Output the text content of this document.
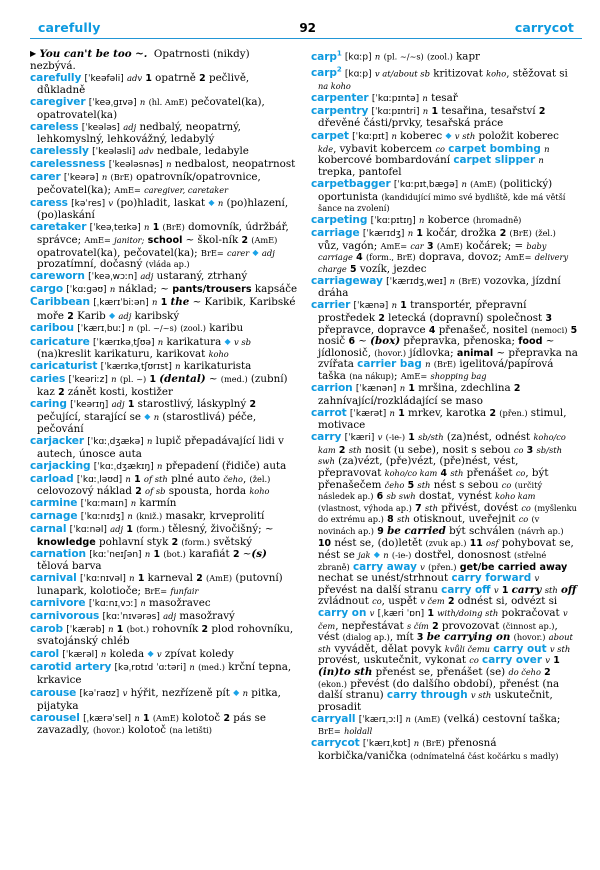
carefully	92	carrycot

▶ You can't be too ~.  Opatrnosti (nikdy) nezbývá.

carefully [ˈkeəfəli] adv 1 opatrně 2 pečlivě, důkladně

caregiver [ˈkeəˌgɪvə] n (hl. AmE) pečovatel(ka), opatrovatel(ka)

careless [ˈkeələs] adj nedbalý, neopatrný, lehkomyslný, lehkovážný, ledabylý

carelessly [ˈkeələsli] adv nedbale, ledabyle

carelessness [ˈkeələsnəs] n nedbalost, neopatrnost

carer [ˈkeərə] n (BrE) opatrovník/opatrovnice, pečovatel(ka); AmE= caregiver, caretaker

caress [kəˈres] v (po)hladit, laskat ◆ n (po)hlazení, (po)laskání

caretaker [ˈkeəˌteɪkə] n 1 (BrE) domovník, údržbář, správce; AmE= janitor; school ~ škol-ník 2 (AmE) opatrovatel(ka), pečovatel(ka); BrE= carer ◆ adj prozatímní, dočasný (vláda ap.)

careworn [ˈkeəˌwɔːn] adj ustaraný, ztrhaný

cargo [ˈkɑːgəʊ] n náklad; ~ pants/trousers kapsáče

Caribbean [ˌkærɪˈbiːən] n 1 the ~ Karibik, Karibské moře 2 Karib ◆ adj karibský

caribou [ˈkærɪˌbuː] n (pl. ~/~s) (zool.) karibu

caricature [ˈkærɪkəˌtʃʊə] n karikatura ◆ v sb (na)kreslit karikaturu, karikovat koho

caricaturist [ˈkærɪkəˌtʃʊrɪst] n karikaturista

caries [ˈkeəriːz] n (pl. ~) 1 (dental) ~ (med.) (zubní) kaz 2 zánět kosti, kostižer

caring [ˈkeərɪŋ] adj 1 starostlivý, láskyplný 2 pečující, starající se ◆ n (starostlivá) péče, pečování

carjacker [ˈkɑːˌdʒækə] n lupič přepadávající lidi v autech, únosce auta

carjacking [ˈkɑːˌdʒækɪŋ] n přepadení (řidiče) auta

carload [ˈkɑːˌləʊd] n 1 of sth plné auto čeho, (žel.) celovozový náklad 2 of sb spousta, horda koho

carmine [ˈkɑːmaɪn] n karmín

carnage [ˈkɑːnɪdʒ] n (kniž.) masakr, krveprolití

carnal [ˈkɑːnəl] adj 1 (form.) tělesný, živočišný; ~ knowledge pohlavní styk 2 (form.) světský

carnation [kɑːˈneɪʃən] n 1 (bot.) karafiát 2 ~(s) tělová barva

carnival [ˈkɑːnɪvəl] n 1 karneval 2 (AmE) (putovní) lunapark, kolotioče; BrE= funfair

carnivore [ˈkɑːnɪˌvɔː] n masožravec

carnivorous [kɑːˈnɪvərəs] adj masožravý

carob [ˈkærəb] n 1 (bot.) rohovník 2 plod rohovníku, svatojánský chléb

carol [ˈkærəl] n koleda ◆ v zpívat koledy

carotid artery [kəˌrɒtɪd ˈɑːtəri] n (med.) krční tepna, krkavice

carouse [kəˈraʊz] v hýřit, nezřízeně pít ◆ n pitka, pijatyka

carousel [ˌkærəˈsel] n 1 (AmE) kolotoč 2 pás se zavazadly, (hovor.) kolotoč (na letišti)

carp$^1$ [kɑːp] n (pl. ~/~s) (zool.) kapr

carp$^2$ [kɑːp] v at/about sb kritizovat koho, stěžovat si na koho

carpenter [ˈkɑːpɪntə] n tesař

carpentry [ˈkɑːpɪntri] n 1 tesařina, tesařství 2 dřevěné části/prvky, tesařská práce

carpet [ˈkɑːpɪt] n koberec ◆ v sth položit koberec kde, vybavit kobercem co carpet bombing n kobercové bombardování carpet slipper n trepka, pantofel

carpetbagger [ˈkɑːpɪtˌbægə] n (AmE) (politický) oportunista (kandidující mimo své bydliště, kde má větší šance na zvolení)

carpeting [ˈkɑːpɪtɪŋ] n koberce (hromadně)

carriage [ˈkærɪdʒ] n 1 kočár, drožka 2 (BrE) (žel.) vůz, vagón; AmE= car 3 (AmE) kočárek; = baby carriage 4 (form., BrE) doprava, dovoz; AmE= delivery charge 5 vozík, jezdec

carriageway [ˈkærɪdʒˌweɪ] n (BrE) vozovka, jízdní dráha

carrier [ˈkænə] n 1 transportér, přepravní prostředek 2 letecká (dopravní) společnost 3 přepravce, dopravce 4 přenašeč, nositel (nemoci) 5 nosič 6 ~ (box) přepravka, přenoska; food ~ jídlonosič, (hovor.) jídlovka; animal ~ přepravka na zvířata carrier bag n (BrE) igelitová/papírová taška (na nákup); AmE= shopping bag

carrion [ˈkænən] n 1 mršina, zdechlina 2 zahnívající/rozkládající se maso

carrot [ˈkærət] n 1 mrkev, karotka 2 (přen.) stimul, motivace

carry [ˈkæri] v (-ie-) 1 sb/sth (za)nést, odnést koho/co kam 2 sth nosit (u sebe), nosit s sebou co 3 sb/sth swh (za)vézt, (pře)vézt, (pře)nést, vést, přepravovat koho/co kam 4 sth přenášet co, být přenašečem čeho 5 sth nést s sebou co (určitý následek ap.) 6 sb swh dostat, vynést koho kam (vlastnost, výhoda ap.) 7 sth přivést, dovést co (myšlenku do extrému ap.) 8 sth otisknout, uveřejnit co (v novinách ap.) 9 be carried být schválen (návrh ap.) 10 nést se, (do)letět (zvuk ap.) 11 osf pohybovat se, nést se jak ◆ n (-ie-) dostřel, donosnost (střelné zbraně) carry away v (přen.) get/be carried away nechat se unést/strhnout carry forward v převést na další stranu carry off v 1 carry sth off zvládnout co, uspět v čem 2 odnést si, odvézt si carry on v [ˌkæri ˈɒn] 1 with/doing sth pokračovat v čem, nepřestávat s čím 2 provozovat (činnost ap.), vést (dialog ap.), mít 3 be carrying on (hovor.) about sth vyvádět, dělat povyk kvůli čemu carry out v sth provést, uskutečnit, vykonat co carry over v 1 (in)to sth přenést se, přenášet (se) do čeho 2 (ekon.) převést (do dalšího období), přenést (na další stranu) carry through v sth uskutečnit, prosadit

carryall [ˈkærɪˌɔːl] n (AmE) (velká) cestovní taška; BrE= holdall

carrycot [ˈkærɪˌkɒt] n (BrE) přenosná korbička/vanička (odnímatelná část kočárku s madly)
